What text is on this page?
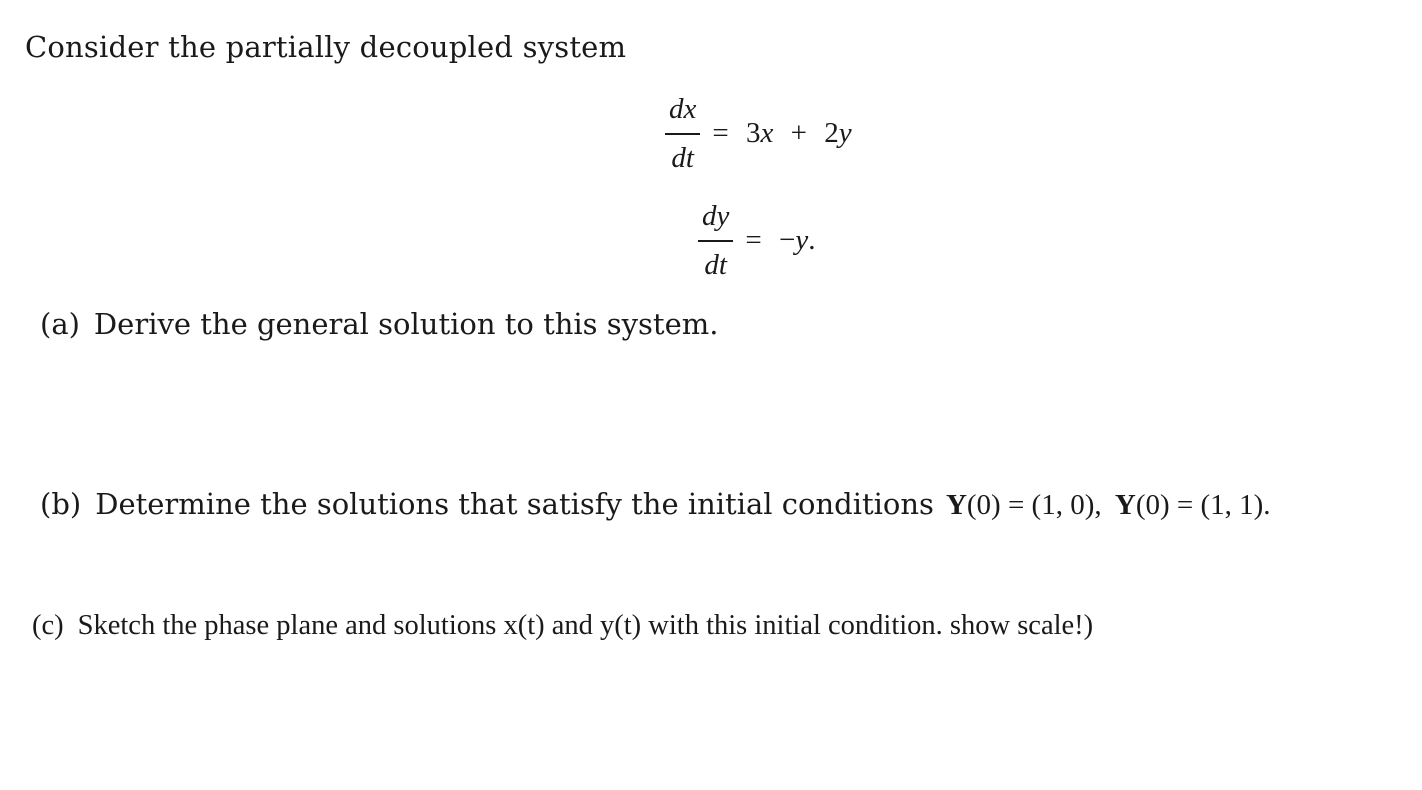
Consider the partially decoupled system
$\frac{dx}{dt} = 3x + 2y$
$\frac{dy}{dt} = -y$.
(a) Derive the general solution to this system.
(b) Determine the solutions that satisfy the initial conditions Y (0) = (1, 0), Y (0) = (1, 1).
(c) Sketch the phase plane and solutions x(t) and y(t) with this initial condition. show scale!)
